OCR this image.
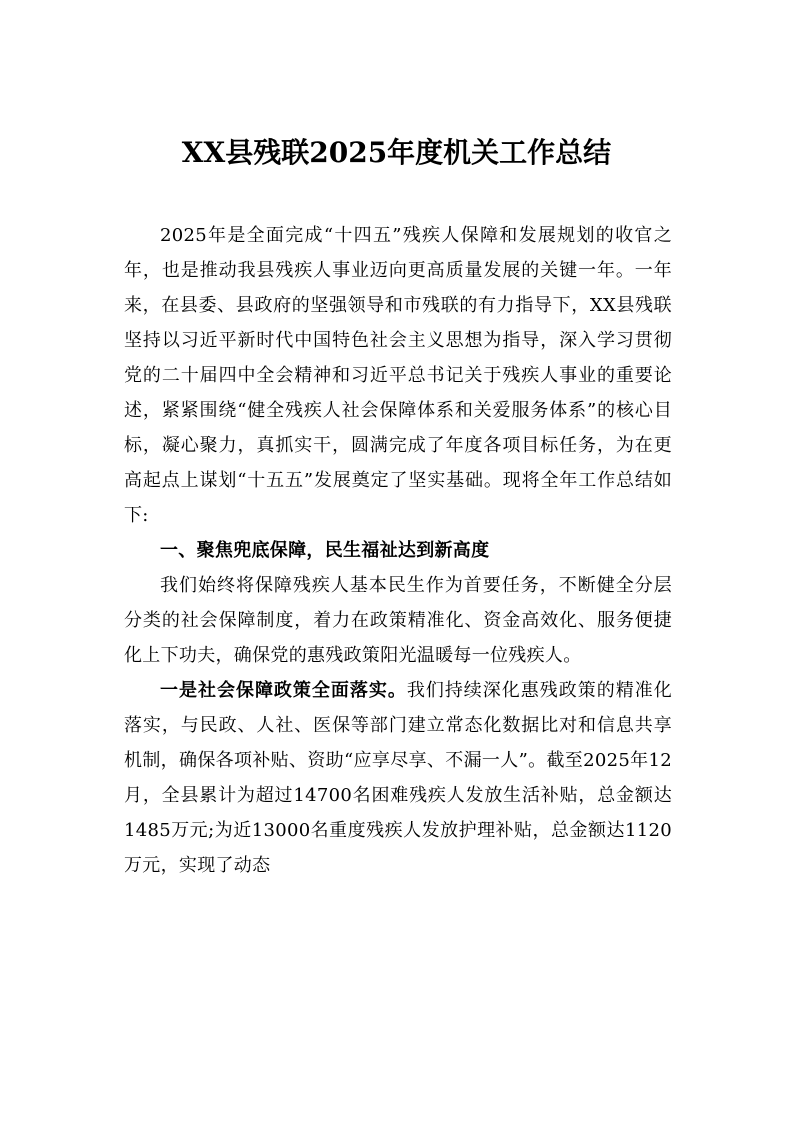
XX县残联2025年度机关工作总结

2025年是全面完成“十四五”残疾人保障和发展规划的收官之年，也是推动我县残疾人事业迈向更高质量发展的关键一年。一年来，在县委、县政府的坚强领导和市残联的有力指导下，XX县残联坚持以习近平新时代中国特色社会主义思想为指导，深入学习贯彻党的二十届四中全会精神和习近平总书记关于残疾人事业的重要论述，紧紧围绕“健全残疾人社会保障体系和关爱服务体系”的核心目标，凝心聚力，真抓实干，圆满完成了年度各项目标任务，为在更高起点上谋划“十五五”发展奠定了坚实基础。现将全年工作总结如下:

一、聚焦兜底保障，民生福祉达到新高度

我们始终将保障残疾人基本民生作为首要任务，不断健全分层分类的社会保障制度，着力在政策精准化、资金高效化、服务便捷化上下功夫，确保党的惠残政策阳光温暖每一位残疾人。

一是社会保障政策全面落实。我们持续深化惠残政策的精准化落实，与民政、人社、医保等部门建立常态化数据比对和信息共享机制，确保各项补贴、资助“应享尽享、不漏一人”。截至2025年12月，全县累计为超过14700名困难残疾人发放生活补贴，总金额达1485万元;为近13000名重度残疾人发放护理补贴，总金额达1120万元，实现了动态
